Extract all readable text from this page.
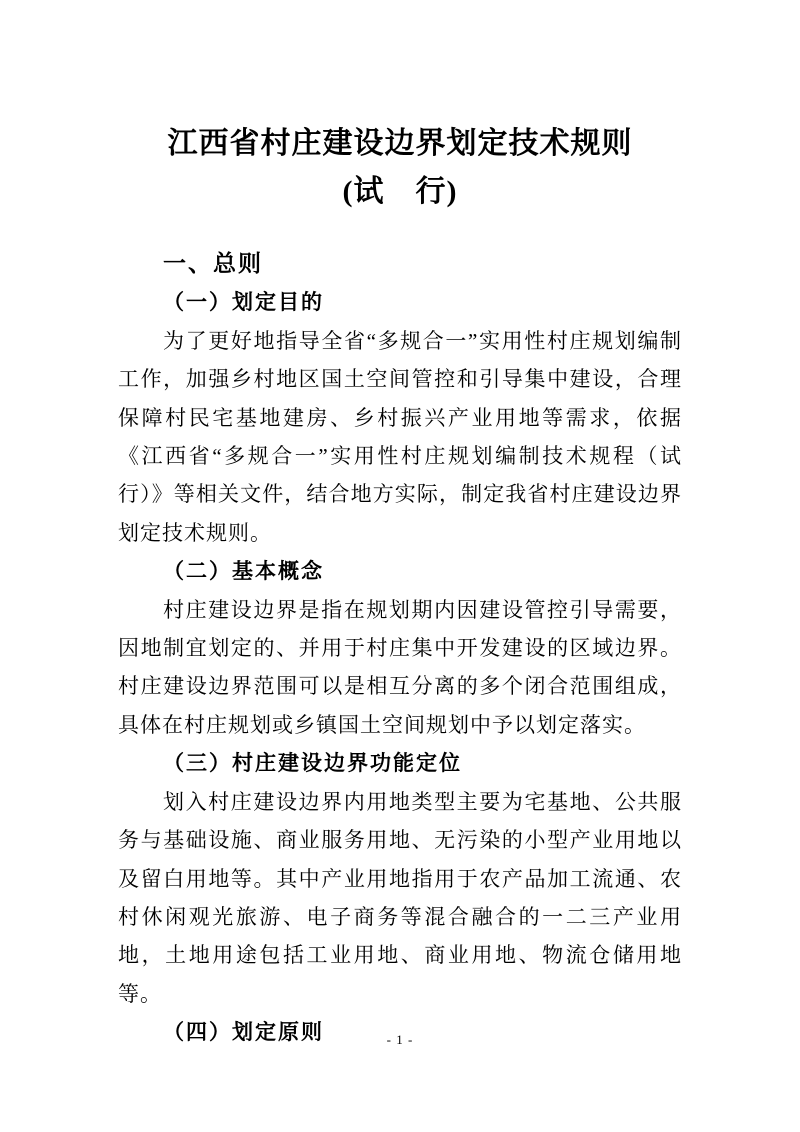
江西省村庄建设边界划定技术规则
(试　行)
一、总则
（一）划定目的
为了更好地指导全省“多规合一”实用性村庄规划编制工作，加强乡村地区国土空间管控和引导集中建设，合理保障村民宅基地建房、乡村振兴产业用地等需求，依据《江西省“多规合一”实用性村庄规划编制技术规程（试行）》等相关文件，结合地方实际，制定我省村庄建设边界划定技术规则。
（二）基本概念
村庄建设边界是指在规划期内因建设管控引导需要，因地制宜划定的、并用于村庄集中开发建设的区域边界。村庄建设边界范围可以是相互分离的多个闭合范围组成，具体在村庄规划或乡镇国土空间规划中予以划定落实。
（三）村庄建设边界功能定位
划入村庄建设边界内用地类型主要为宅基地、公共服务与基础设施、商业服务用地、无污染的小型产业用地以及留白用地等。其中产业用地指用于农产品加工流通、农村休闲观光旅游、电子商务等混合融合的一二三产业用地，土地用途包括工业用地、商业用地、物流仓储用地等。
（四）划定原则	- 1 -
